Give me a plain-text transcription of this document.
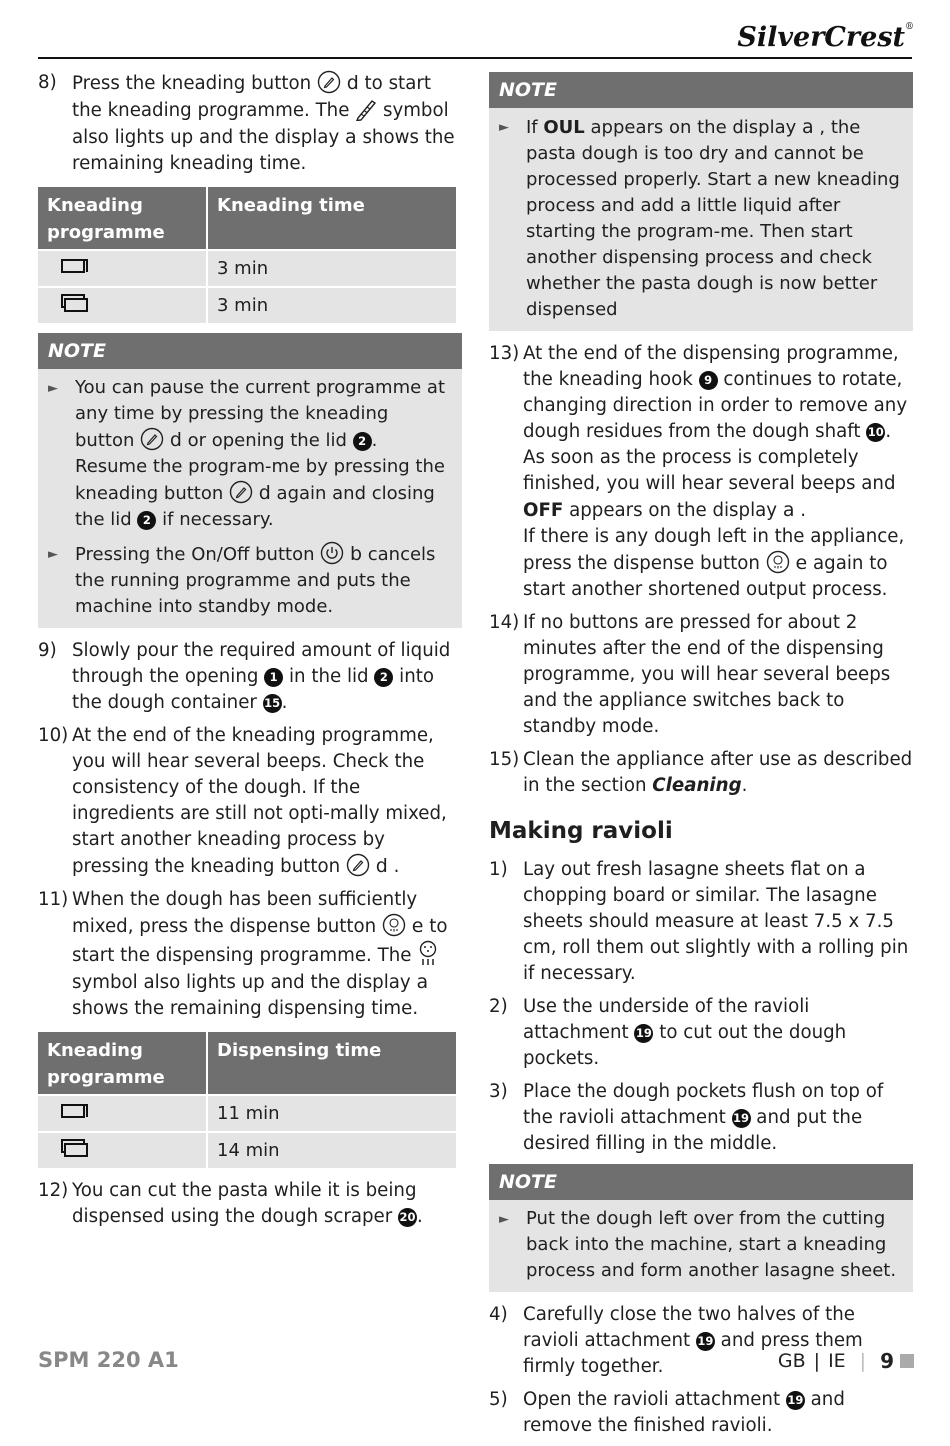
SilverCrest®
8) Press the kneading button  d to start the kneading programme. The  symbol also lights up and the display a shows the remaining kneading time.
Kneading programme	Kneading time
	3 min
	3 min
NOTE
► You can pause the current programme at any time by pressing the kneading button  d or opening the lid 2 . Resume the program-me by pressing the kneading button  d again and closing the lid 2 if necessary.
► Pressing the On/Off button  b cancels the running programme and puts the machine into standby mode.
9) Slowly pour the required amount of liquid through the opening 1 in the lid 2 into the dough container 15.
10) At the end of the kneading programme, you will hear several beeps. Check the consistency of the dough. If the ingredients are still not opti-mally mixed, start another kneading process by pressing the kneading button  d .
11) When the dough has been sufficiently mixed, press the dispense button  e to start the dispensing programme. The  symbol also lights up and the display a shows the remaining dispensing time.
Kneading programme	Dispensing time
	11 min
	14 min
12) You can cut the pasta while it is being dispensed using the dough scraper 20.
NOTE
► If OUL appears on the display a , the pasta dough is too dry and cannot be processed properly. Start a new kneading process and add a little liquid after starting the program-me. Then start another dispensing process and check whether the pasta dough is now better dispensed
13) At the end of the dispensing programme, the kneading hook 9 continues to rotate, changing direction in order to remove any dough residues from the dough shaft 10.
As soon as the process is completely finished, you will hear several beeps and OFF appears on the display a .
If there is any dough left in the appliance, press the dispense button  e again to start another shortened output process.
14) If no buttons are pressed for about 2 minutes after the end of the dispensing programme, you will hear several beeps and the appliance switches back to standby mode.
15) Clean the appliance after use as described in the section Cleaning.
Making ravioli
1) Lay out fresh lasagne sheets flat on a chopping board or similar. The lasagne sheets should measure at least 7.5 x 7.5 cm, roll them out slightly with a rolling pin if necessary.
2) Use the underside of the ravioli attachment 19 to cut out the dough pockets.
3) Place the dough pockets flush on top of the ravioli attachment 19 and put the desired filling in the middle.
NOTE
► Put the dough left over from the cutting back into the machine, start a kneading process and form another lasagne sheet.
4) Carefully close the two halves of the ravioli attachment 19 and press them firmly together.
5) Open the ravioli attachment 19 and remove the finished ravioli.
SPM 220 A1	GB | IE | 9
